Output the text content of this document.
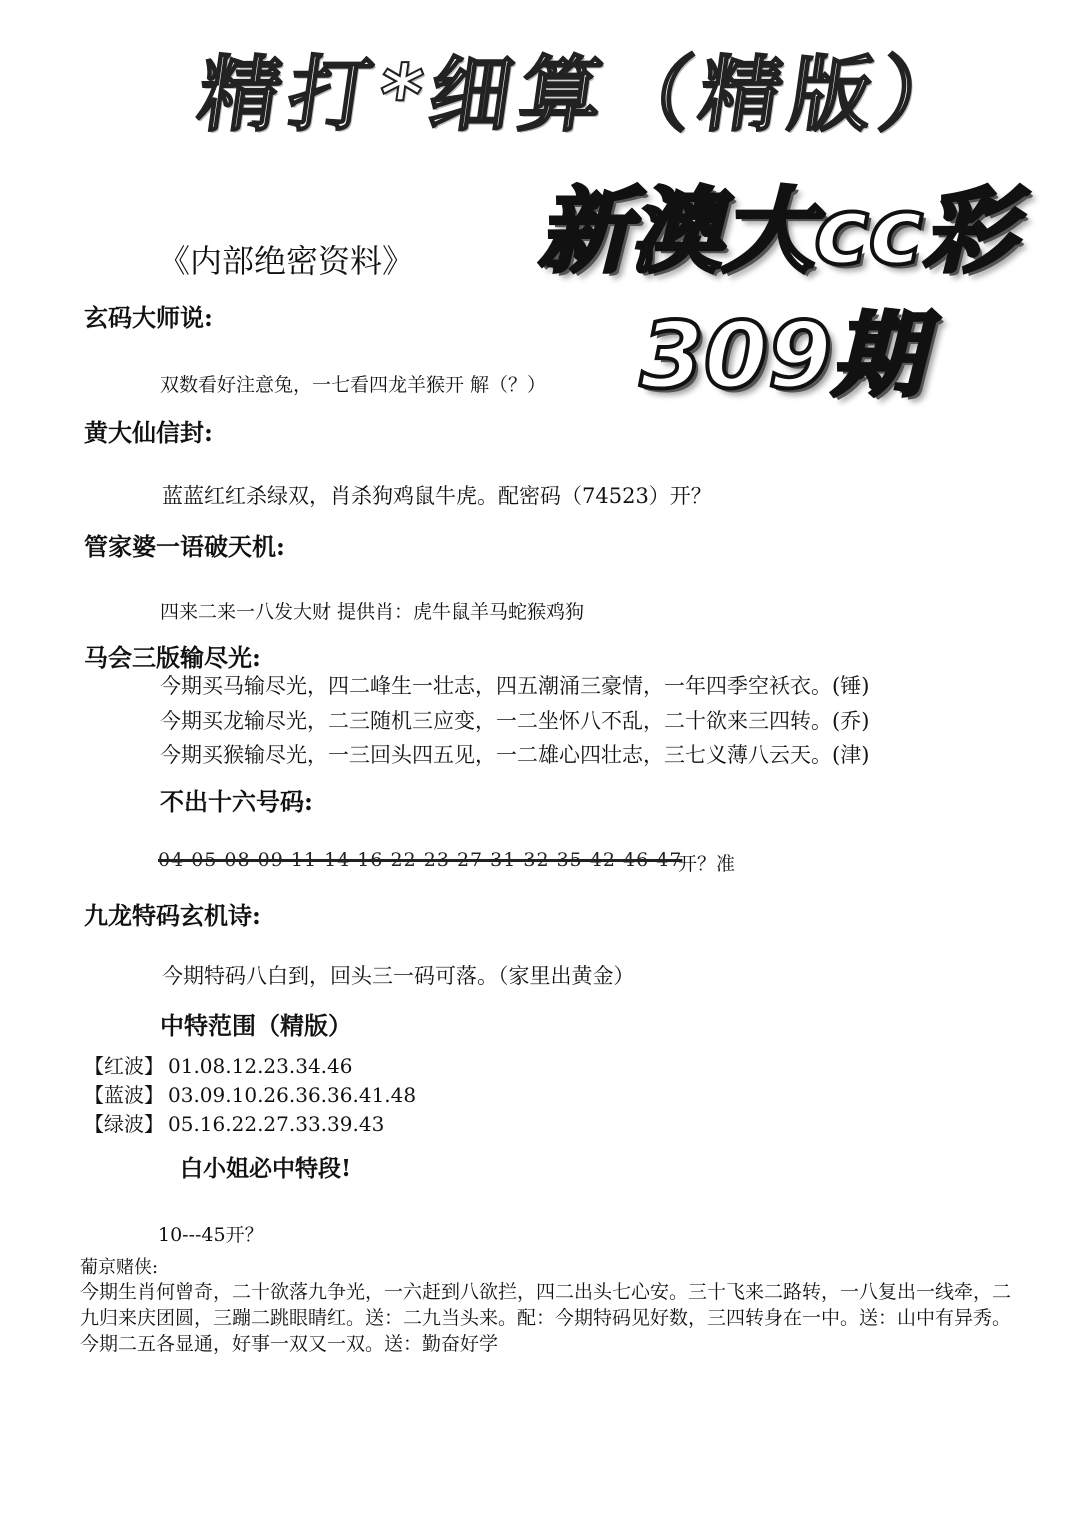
精打*细算（精版）
新澳大cc彩
309期
《内部绝密资料》
玄码大师说:
双数看好注意兔，一七看四龙羊猴开 解（？）
黄大仙信封:
蓝蓝红红杀绿双，肖杀狗鸡鼠牛虎。配密码（74523）开？
管家婆一语破天机:
四来二来一八发大财 提供肖：虎牛鼠羊马蛇猴鸡狗
马会三版输尽光:
今期买马输尽光，四二峰生一壮志，四五潮涌三豪情，一年四季空袄衣。(锤)
今期买龙输尽光，二三随机三应变，一二坐怀八不乱，二十欲来三四转。(乔)
今期买猴输尽光，一三回头四五见，一二雄心四壮志，三七义薄八云天。(津)
不出十六号码:
04 05 08 09 11 14 16 22 23 27 31 32 35 42 46 47
开？准
九龙特码玄机诗:
今期特码八白到，回头三一码可落。（家里出黄金）
中特范围（精版）
【红波】 01.08.12.23.34.46
【蓝波】 03.09.10.26.36.36.41.48
【绿波】 05.16.22.27.33.39.43
白小姐必中特段!
10---45开？
葡京赌侠:
今期生肖何曾奇，二十欲落九争光，一六赶到八欲拦，四二出头七心安。三十飞来二路转，一八复出一线牵，二九归来庆团圆，三蹦二跳眼睛红。送：二九当头来。配：今期特码见好数，三四转身在一中。送：山中有异秀。今期二五各显通，好事一双又一双。送：勤奋好学
